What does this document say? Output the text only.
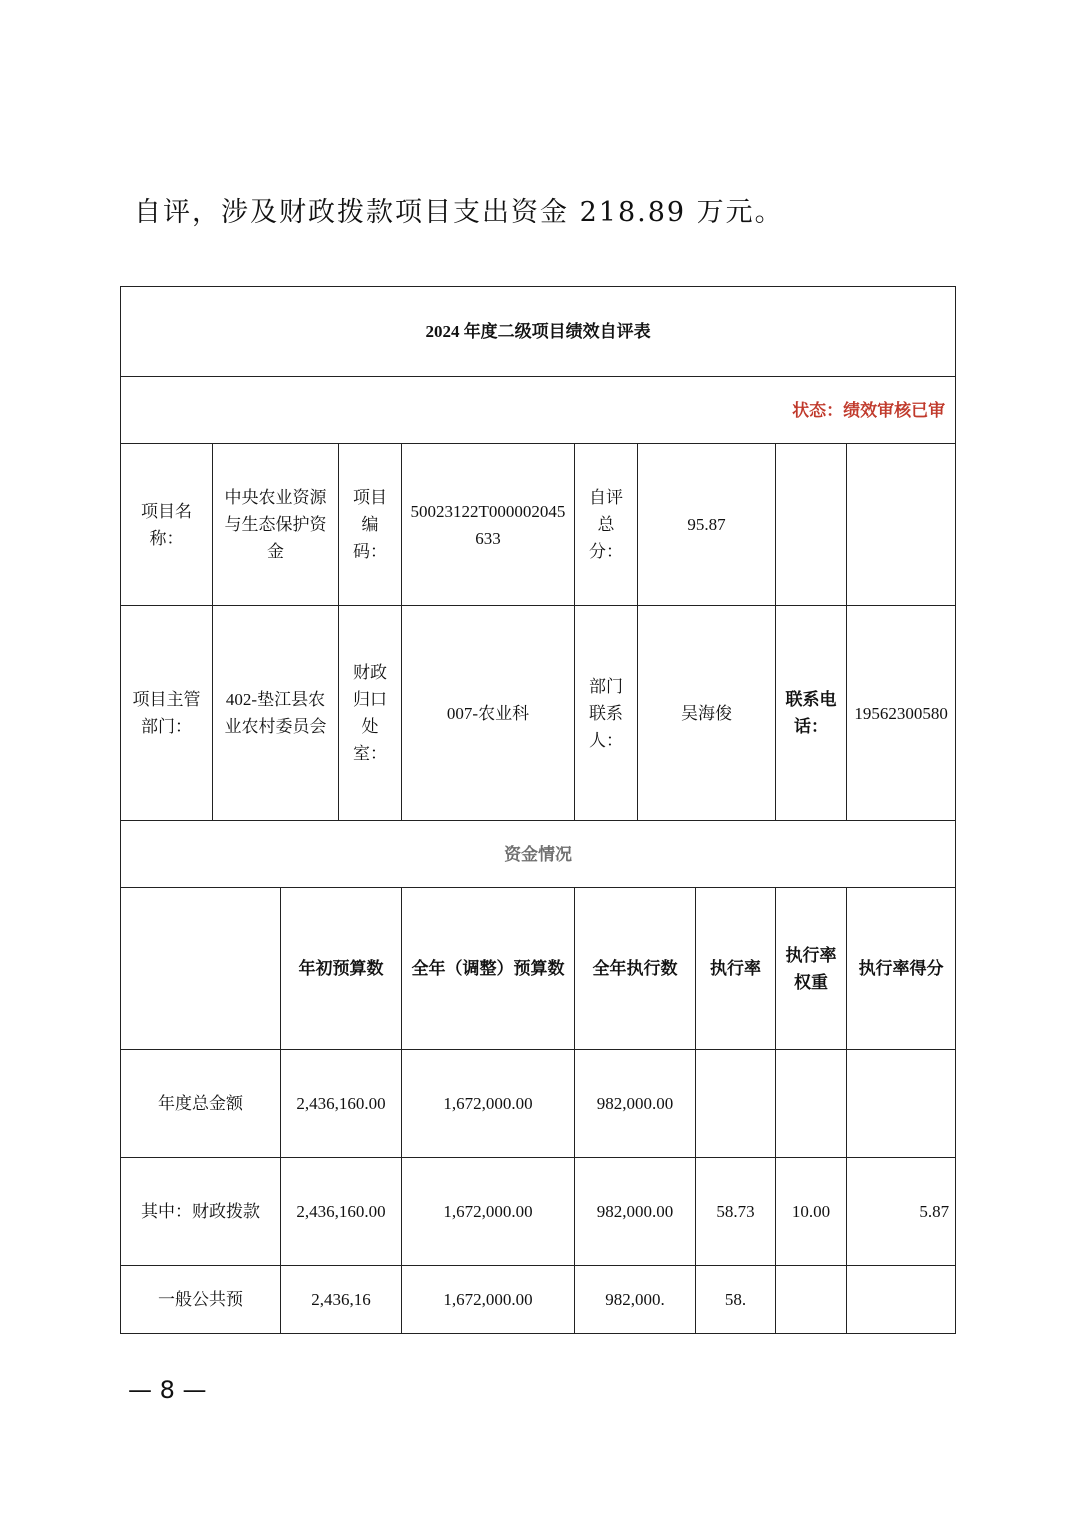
自评，涉及财政拨款项目支出资金 218.89 万元。
2024 年度二级项目绩效自评表									
状态：绩效审核已审									
项目名称：	中央农业资源与生态保护资金		项目编码：	50023122T000002045633	自评总分：	95.87			
项目主管部门：	402-垫江县农业农村委员会		财政归口处室：	007-农业科	部门联系人：	吴海俊		联系电话：	19562300580
资金情况									
		年初预算数		全年（调整）预算数	全年执行数		执行率	执行率权重	执行率得分
年度总金额		2,436,160.00		1,672,000.00	982,000.00				
其中：财政拨款		2,436,160.00		1,672,000.00	982,000.00		58.73	10.00	5.87
一般公共预		2,436,16		1,672,000.00	982,000.		58.		
— 8 —
